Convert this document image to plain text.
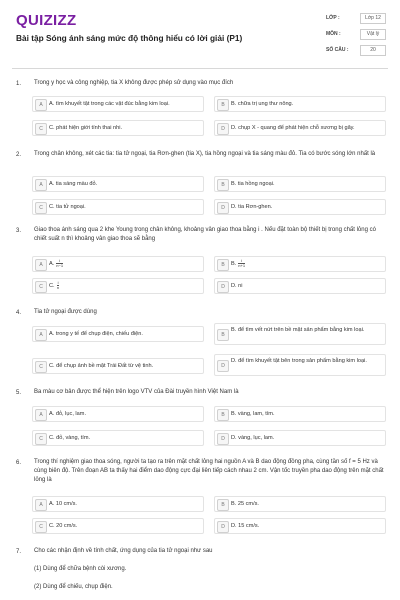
QUIZIZZ
Bài tập Sóng ánh sáng mức độ thông hiểu có lời giải (P1)
LỚP :	Lớp 12
MÔN :	Vật lý
SỐ CÂU :	20
1. Trong y học và công nghiệp, tia X không được phép sử dụng vào mục đích
A	A. tìm khuyết tật trong các vật đúc bằng kim loại.	B	B. chữa trị ung thư nông.
C	C. phát hiện giới tính thai nhi.	D	D. chụp X - quang để phát hiện chỗ xương bị gãy.
2. Trong chân không, xét các tia: tia tử ngoại, tia Rơn-ghen (tia X), tia hồng ngoại và tia sáng màu đỏ. Tia có bước sóng lớn nhất là
A	A. tia sáng màu đỏ.	B	B. tia hồng ngoại.
C	C. tia tử ngoại.	D	D. tia Rơn-ghen.
3. Giao thoa ánh sáng qua 2 khe Young trong chân không, khoảng vân giao thoa bằng i . Nếu đặt toàn bộ thiết bị trong chất lỏng có chiết suất n thì khoảng vân giao thoa sẽ bằng
A	A. $\frac{i}{n-1}$	B	B. $\frac{i}{n+1}$
C	C. $\frac{i}{n}$	D	D. ni
4. Tia tử ngoại được dùng
A	A. trong y tế để chụp điện, chiếu điện.	B
B. để tìm vết nứt trên bề mặt sản phẩm bằng kim loại.
C	C. để chụp ảnh bề mặt Trái Đất từ vệ tinh.	D
D. để tìm khuyết tật bên trong sản phẩm bằng kim loại.
5. Ba màu cơ bản được thể hiện trên logo VTV của Đài truyền hình Việt Nam là
A	A. đỏ, lục, lam.	B	B. vàng, lam, tím.
C	C. đỏ, vàng, tím.	D	D. vàng, lục, lam.
6. Trong thí nghiệm giao thoa sóng, người ta tạo ra trên mặt chất lỏng hai nguồn A và B dao động đồng pha, cùng tần số f = 5 Hz và cùng biên độ. Trên đoạn AB ta thấy hai điểm dao động cực đại liên tiếp cách nhau 2 cm. Vận tốc truyền pha dao động trên mặt chất lỏng là
A	A. 10 cm/s.	B	B. 25 cm/s.
C	C. 20 cm/s.	D	D. 15 cm/s.
7. Cho các nhận định về tính chất, ứng dụng của tia tử ngoại như sau
(1) Dùng để chữa bệnh còi xương.
(2) Dùng để chiếu, chụp điện.
